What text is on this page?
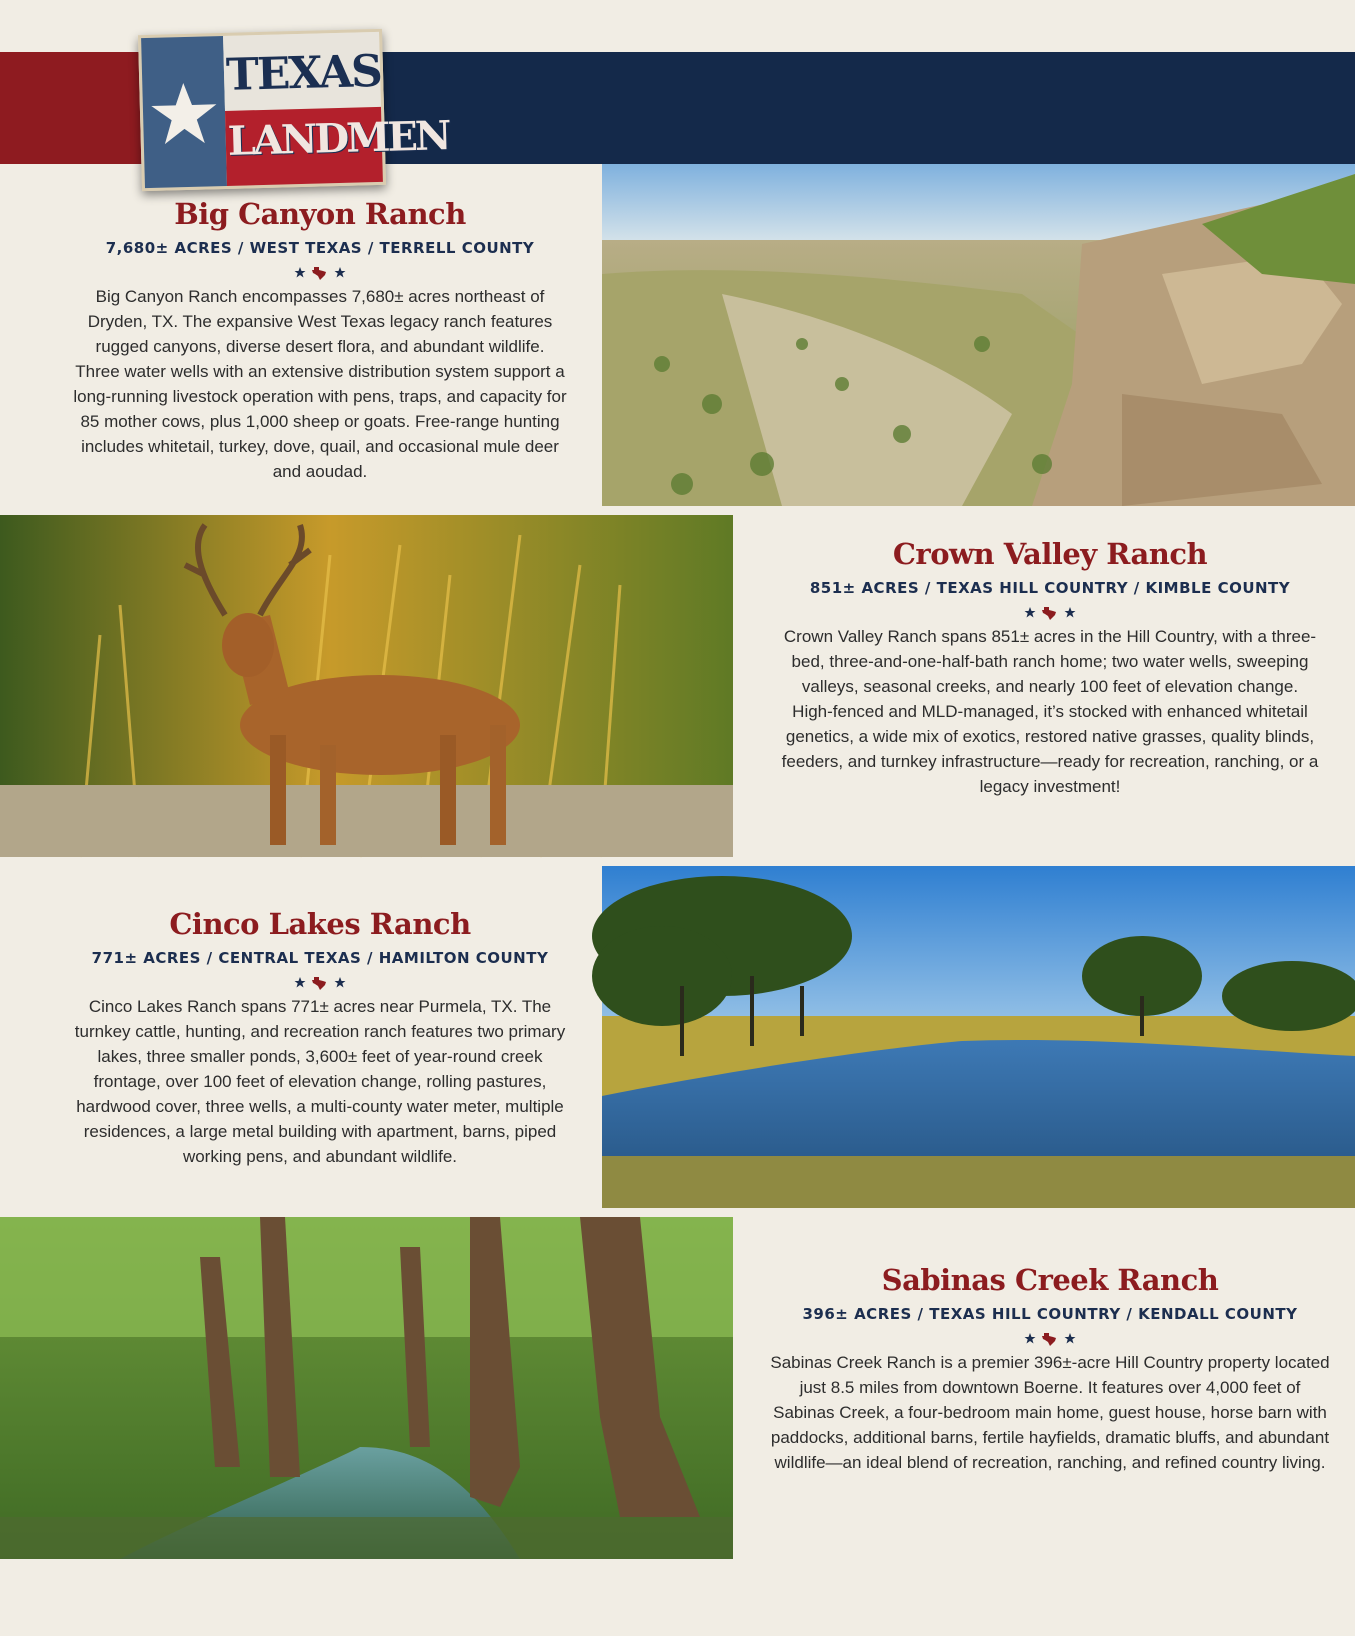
TEXAS
LANDMEN
Big Canyon Ranch
7,680± ACRES / WEST TEXAS / TERRELL COUNTY
Big Canyon Ranch encompasses 7,680± acres northeast of Dryden, TX. The expansive West Texas legacy ranch features rugged canyons, diverse desert flora, and abundant wildlife. Three water wells with an extensive distribution system support a long-running livestock operation with pens, traps, and capacity for 85 mother cows, plus 1,000 sheep or goats. Free-range hunting includes whitetail, turkey, dove, quail, and occasional mule deer and aoudad.
Crown Valley Ranch
851± ACRES / TEXAS HILL COUNTRY / KIMBLE COUNTY
Crown Valley Ranch spans 851± acres in the Hill Country, with a three-bed, three-and-one-half-bath ranch home; two water wells, sweeping valleys, seasonal creeks, and nearly 100 feet of elevation change. High-fenced and MLD-managed, it’s stocked with enhanced whitetail genetics, a wide mix of exotics, restored native grasses, quality blinds, feeders, and turnkey infrastructure—ready for recreation, ranching, or a legacy investment!
Cinco Lakes Ranch
771± ACRES / CENTRAL TEXAS / HAMILTON COUNTY
Cinco Lakes Ranch spans 771± acres near Purmela, TX. The turnkey cattle, hunting, and recreation ranch features two primary lakes, three smaller ponds, 3,600± feet of year-round creek frontage, over 100 feet of elevation change, rolling pastures, hardwood cover, three wells, a multi-county water meter, multiple residences, a large metal building with apartment, barns, piped working pens, and abundant wildlife.
Sabinas Creek Ranch
396± ACRES / TEXAS HILL COUNTRY / KENDALL COUNTY
Sabinas Creek Ranch is a premier 396±-acre Hill Country property located just 8.5 miles from downtown Boerne. It features over 4,000 feet of Sabinas Creek, a four-bedroom main home, guest house, horse barn with paddocks, additional barns, fertile hayfields, dramatic bluffs, and abundant wildlife—an ideal blend of recreation, ranching, and refined country living.
